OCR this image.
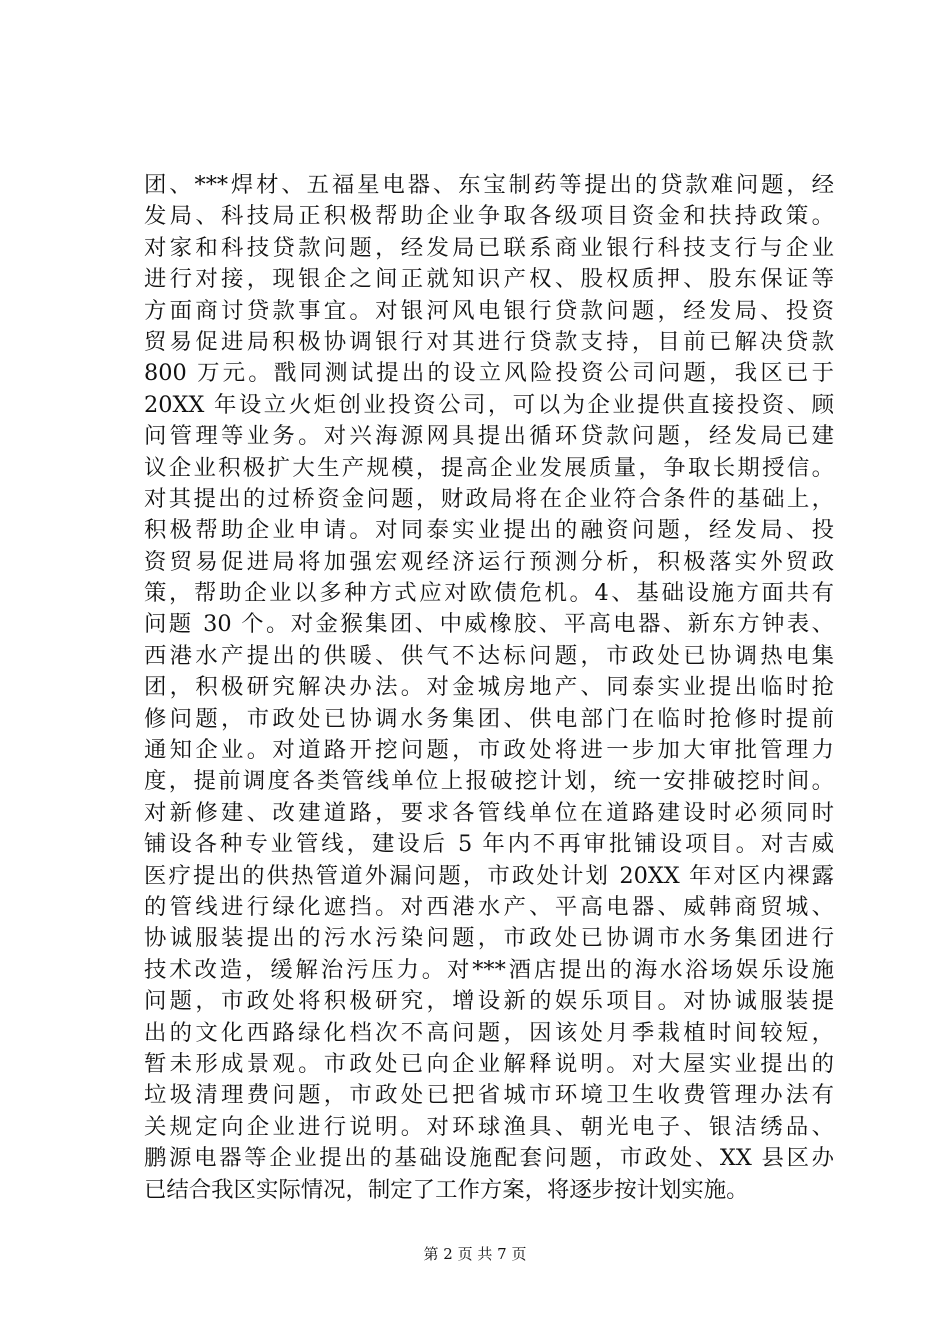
团、***焊材、五福星电器、东宝制药等提出的贷款难问题，经
发局、科技局正积极帮助企业争取各级项目资金和扶持政策。
对家和科技贷款问题，经发局已联系商业银行科技支行与企业
进行对接，现银企之间正就知识产权、股权质押、股东保证等
方面商讨贷款事宜。对银河风电银行贷款问题，经发局、投资
贸易促进局积极协调银行对其进行贷款支持，目前已解决贷款
800 万元。戬同测试提出的设立风险投资公司问题，我区已于
20XX 年设立火炬创业投资公司，可以为企业提供直接投资、顾
问管理等业务。对兴海源网具提出循环贷款问题，经发局已建
议企业积极扩大生产规模，提高企业发展质量，争取长期授信。
对其提出的过桥资金问题，财政局将在企业符合条件的基础上，
积极帮助企业申请。对同泰实业提出的融资问题，经发局、投
资贸易促进局将加强宏观经济运行预测分析，积极落实外贸政
策，帮助企业以多种方式应对欧债危机。4、基础设施方面共有
问题 30 个。对金猴集团、中威橡胶、平高电器、新东方钟表、
西港水产提出的供暖、供气不达标问题，市政处已协调热电集
团，积极研究解决办法。对金城房地产、同泰实业提出临时抢
修问题，市政处已协调水务集团、供电部门在临时抢修时提前
通知企业。对道路开挖问题，市政处将进一步加大审批管理力
度，提前调度各类管线单位上报破挖计划，统一安排破挖时间。
对新修建、改建道路，要求各管线单位在道路建设时必须同时
铺设各种专业管线，建设后 5 年内不再审批铺设项目。对吉威
医疗提出的供热管道外漏问题，市政处计划 20XX 年对区内裸露
的管线进行绿化遮挡。对西港水产、平高电器、威韩商贸城、
协诚服装提出的污水污染问题，市政处已协调市水务集团进行
技术改造，缓解治污压力。对***酒店提出的海水浴场娱乐设施
问题，市政处将积极研究，增设新的娱乐项目。对协诚服装提
出的文化西路绿化档次不高问题，因该处月季栽植时间较短，
暂未形成景观。市政处已向企业解释说明。对大屋实业提出的
垃圾清理费问题，市政处已把省城市环境卫生收费管理办法有
关规定向企业进行说明。对环球渔具、朝光电子、银洁绣品、
鹏源电器等企业提出的基础设施配套问题，市政处、XX 县区办
已结合我区实际情况，制定了工作方案，将逐步按计划实施。
第 2 页 共 7 页
